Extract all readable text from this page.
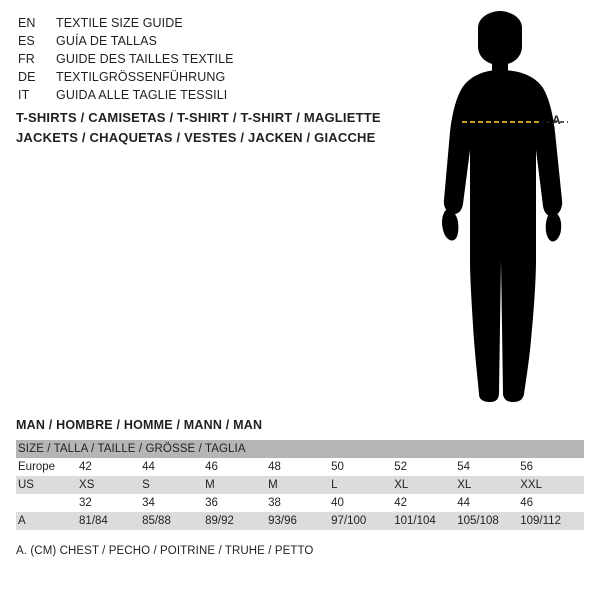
EN	TEXTILE SIZE GUIDE
ES	GUÍA DE TALLAS
FR	GUIDE DES TAILLES TEXTILE
DE	TEXTILGRÖSSENFÜHRUNG
IT	GUIDA ALLE TAGLIE TESSILI
T-SHIRTS / CAMISETAS / T-SHIRT / T-SHIRT / MAGLIETTE
JACKETS / CHAQUETAS / VESTES / JACKEN / GIACCHE
A
MAN / HOMBRE / HOMME / MANN / MAN
SIZE / TALLA / TAILLE / GRÖSSE / TAGLIA								
Europe	42	44	46	48	50	52	54	56
US	XS	S	M	M	L	XL	XL	XXL
	32	34	36	38	40	42	44	46
A	81/84	85/88	89/92	93/96	97/100	101/104	105/108	109/112
A. (CM) CHEST / PECHO / POITRINE / TRUHE / PETTO
